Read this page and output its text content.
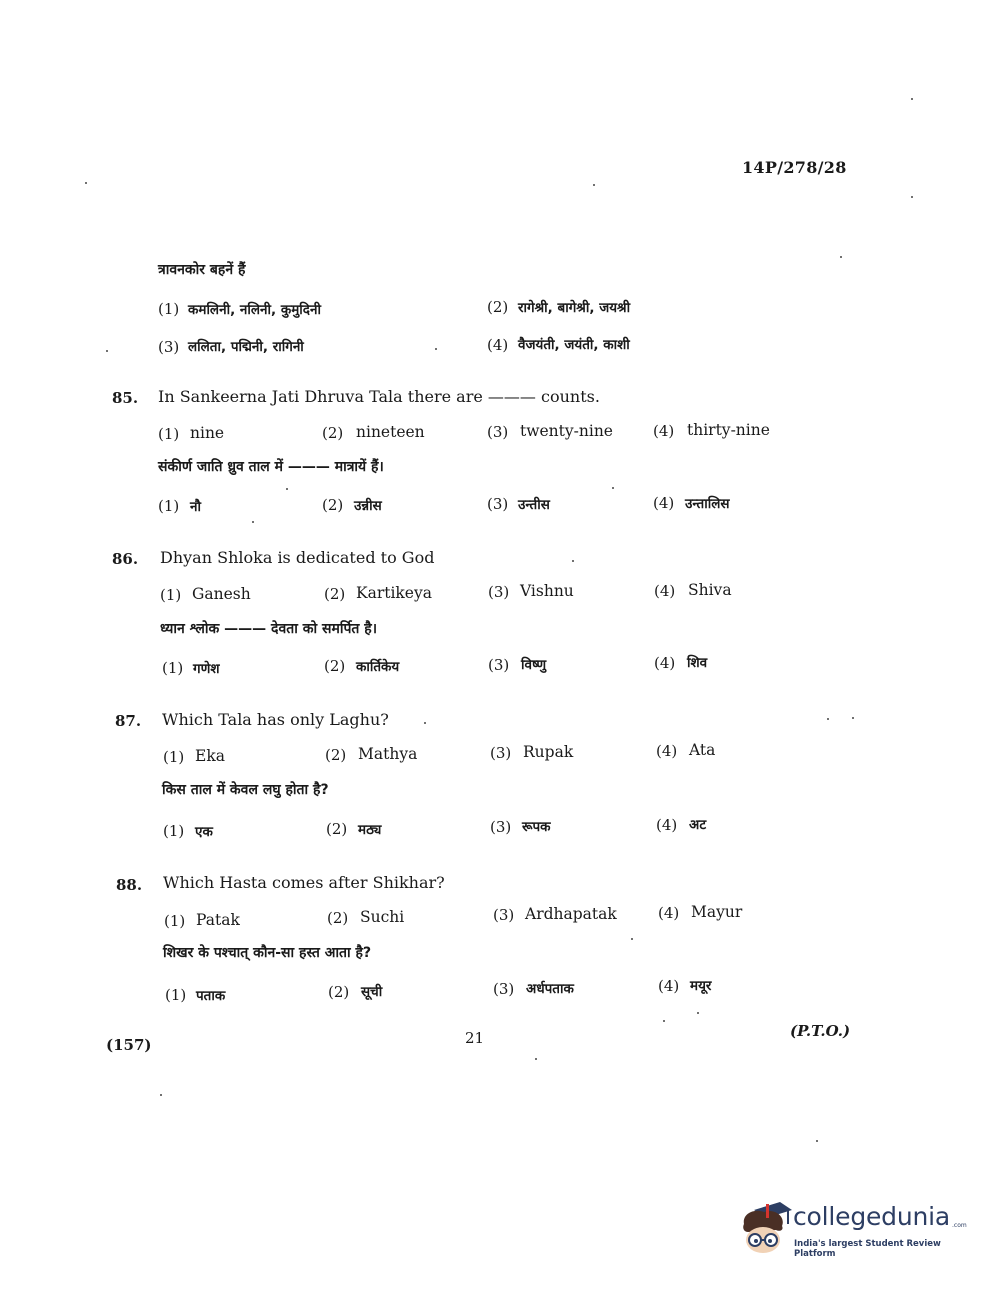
14P/278/28
त्रावनकोर बहनें हैं
(1) कमलिनी, नलिनी, कुमुदिनी	(2) रागेश्री, बागेश्री, जयश्री
(3) ललिता, पद्मिनी, रागिनी	(4) वैजयंती, जयंती, काशी
85. In Sankeerna Jati Dhruva Tala there are ——— counts.
(1) nine	(2) nineteen	(3) twenty-nine	(4) thirty-nine
संकीर्ण जाति ध्रुव ताल में ——— मात्रायें हैं।
(1) नौ	(2) उन्नीस	(3) उन्तीस	(4) उन्तालिस
86. Dhyan Shloka is dedicated to God
(1) Ganesh	(2) Kartikeya	(3) Vishnu	(4) Shiva
ध्यान श्लोक ——— देवता को समर्पित है।
(1) गणेश	(2) कार्तिकेय	(3) विष्णु	(4) शिव
87. Which Tala has only Laghu?
(1) Eka	(2) Mathya	(3) Rupak	(4) Ata
किस ताल में केवल लघु होता है?
(1) एक	(2) मठ्य	(3) रूपक	(4) अट
88. Which Hasta comes after Shikhar?
(1) Patak	(2) Suchi	(3) Ardhapatak	(4) Mayur
शिखर के पश्चात् कौन-सा हस्त आता है?
(1) पताक	(2) सूची	(3) अर्धपताक	(4) मयूर
(157)	21	(P.T.O.)
collegedunia .com
India's largest Student Review Platform
